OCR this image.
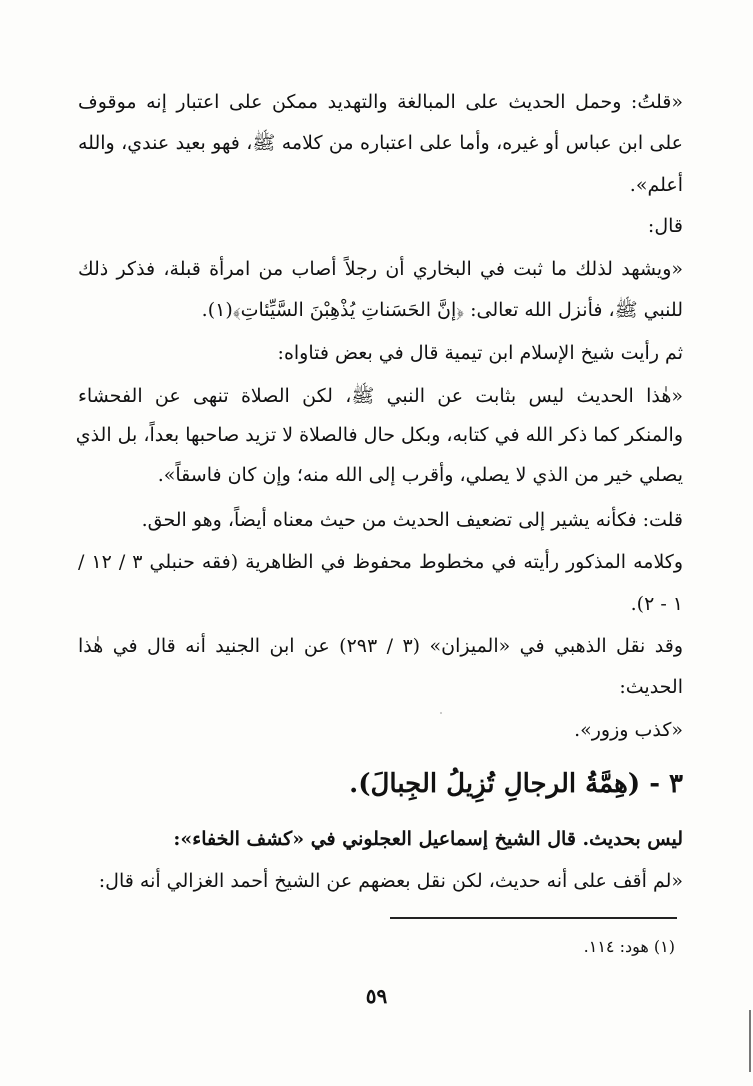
«قلتُ: وحمل الحديث على المبالغة والتهديد ممكن على اعتبار إنه موقوف
على ابن عباس أو غيره، وأما على اعتباره من كلامه ﷺ، فهو بعيد عندي، والله
أعلم».
قال:
«ويشهد لذلك ما ثبت في البخاري أن رجلاً أصاب من امرأة قبلة، فذكر ذلك
للنبي ﷺ، فأنزل الله تعالى: ﴿إنَّ الحَسَناتِ يُذْهِبْنَ السَّيِّئاتِ﴾(١).
ثم رأيت شيخ الإسلام ابن تيمية قال في بعض فتاواه:
«هٰذا الحديث ليس بثابت عن النبي ﷺ، لكن الصلاة تنهى عن الفحشاء
والمنكر كما ذكر الله في كتابه، وبكل حال فالصلاة لا تزيد صاحبها بعداً، بل الذي
يصلي خير من الذي لا يصلي، وأقرب إلى الله منه؛ وإن كان فاسقاً».
قلت: فكأنه يشير إلى تضعيف الحديث من حيث معناه أيضاً، وهو الحق.
وكلامه المذكور رأيته في مخطوط محفوظ في الظاهرية (فقه حنبلي ٣ / ١٢ /
١ - ٢).
وقد نقل الذهبي في «الميزان» (٣ / ٢٩٣) عن ابن الجنيد أنه قال في هٰذا
الحديث:
«كذب وزور».
٣ - (هِمَّةُ الرجالِ تُزِيلُ الجِبالَ).
ليس بحديث. قال الشيخ إسماعيل العجلوني في «كشف الخفاء»:
«لم أقف على أنه حديث، لكن نقل بعضهم عن الشيخ أحمد الغزالي أنه قال:
(١) هود: ١١٤.
٥٩
